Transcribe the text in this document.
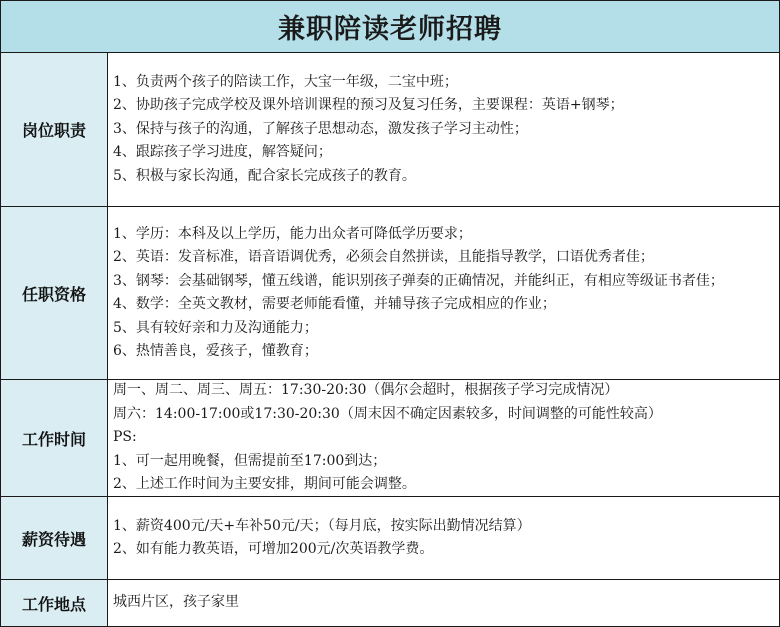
兼职陪读老师招聘
岗位职责
1、负责两个孩子的陪读工作，大宝一年级，二宝中班；
2、协助孩子完成学校及课外培训课程的预习及复习任务，主要课程：英语+钢琴；
3、保持与孩子的沟通，了解孩子思想动态，激发孩子学习主动性；
4、跟踪孩子学习进度，解答疑问；
5、积极与家长沟通，配合家长完成孩子的教育。
任职资格
1、学历：本科及以上学历，能力出众者可降低学历要求；
2、英语：发音标准，语音语调优秀，必须会自然拼读，且能指导教学，口语优秀者佳；
3、钢琴：会基础钢琴，懂五线谱，能识别孩子弹奏的正确情况，并能纠正，有相应等级证书者佳；
4、数学：全英文教材，需要老师能看懂，并辅导孩子完成相应的作业；
5、具有较好亲和力及沟通能力；
6、热情善良，爱孩子，懂教育；
工作时间
周一、周二、周三、周五：17:30-20:30（偶尔会超时，根据孩子学习完成情况）
周六：14:00-17:00或17:30-20:30（周末因不确定因素较多，时间调整的可能性较高）
PS:
1、可一起用晚餐，但需提前至17:00到达；
2、上述工作时间为主要安排，期间可能会调整。
薪资待遇
1、薪资400元/天+车补50元/天；（每月底，按实际出勤情况结算）
2、如有能力教英语，可增加200元/次英语教学费。
工作地点	城西片区，孩子家里
